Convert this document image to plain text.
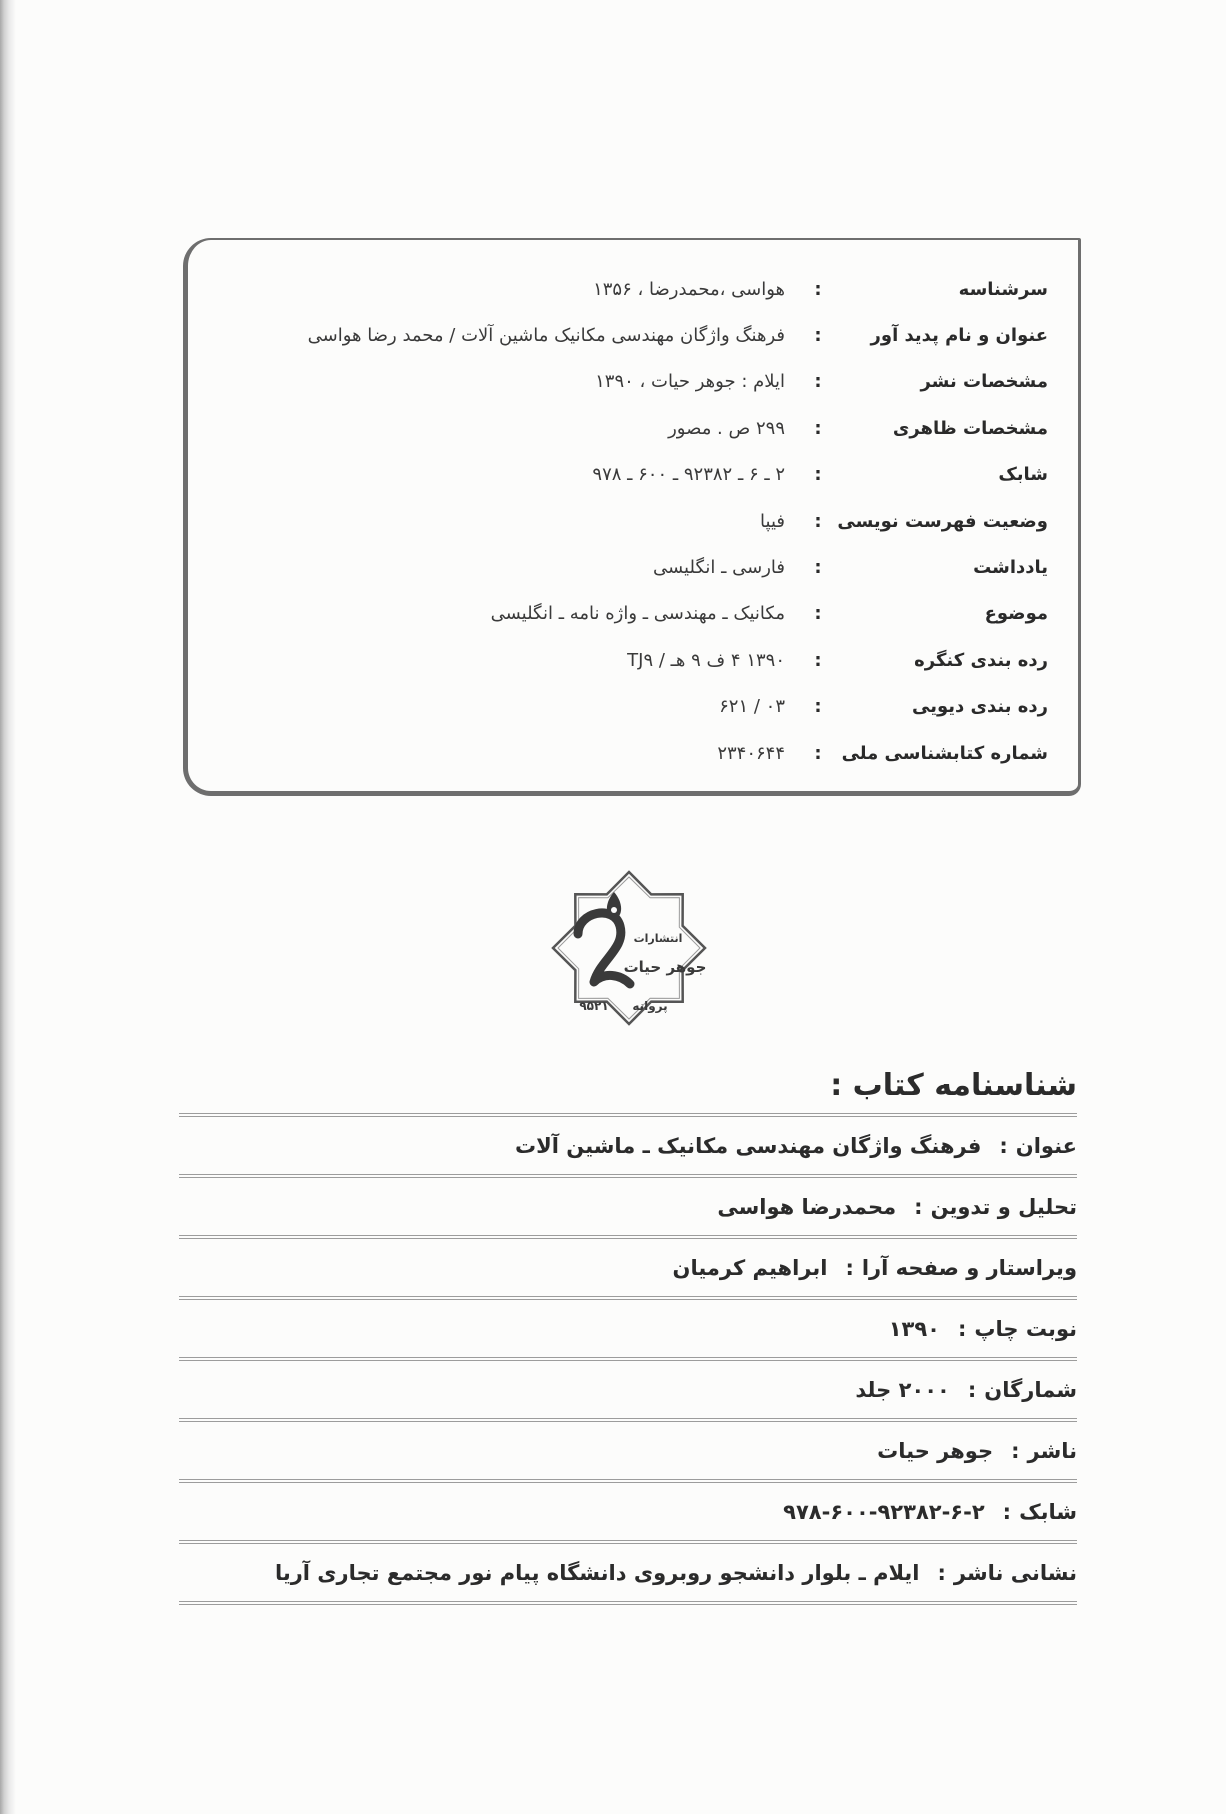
سرشناسه
:
هواسی ،محمدرضا ، ۱۳۵۶
عنوان و نام پدید آور
:
فرهنگ واژگان مهندسی مکانیک ماشین آلات / محمد رضا هواسی
مشخصات نشر
:
ایلام : جوهر حیات ، ۱۳۹۰
مشخصات ظاهری
:
۲۹۹ ص . مصور
شابک
:
۲ ـ ۶ ـ ۹۲۳۸۲ ـ ۶۰۰ ـ ۹۷۸
وضعیت فهرست نویسی
:
فیپا
یادداشت
:
فارسی ـ انگلیسی
موضوع
:
مکانیک ـ مهندسی ـ واژه نامه ـ انگلیسی
رده بندی کنگره
:
۱۳۹۰ ۴ ف ۹ هـ / TJ۹
رده بندی دیویی
:
۰۳ / ۶۲۱
شماره کتابشناسی ملی
:
۲۳۴۰۶۴۴
انتشارات
جوهر حیات
پروانه
۹۵۲۱
شناسنامه کتاب :
عنوان
:
فرهنگ واژگان مهندسی مکانیک ـ ماشین آلات
تحلیل و تدوین
:
محمدرضا هواسی
ویراستار و صفحه آرا
:
ابراهیم کرمیان
نوبت چاپ
:
۱۳۹۰
شمارگان
:
۲۰۰۰ جلد
ناشر
:
جوهر حیات
شابک
:
۹۷۸-۶۰۰-۹۲۳۸۲-۶-۲
نشانی ناشر
:
ایلام ـ بلوار دانشجو روبروی دانشگاه پیام نور مجتمع تجاری آریا
